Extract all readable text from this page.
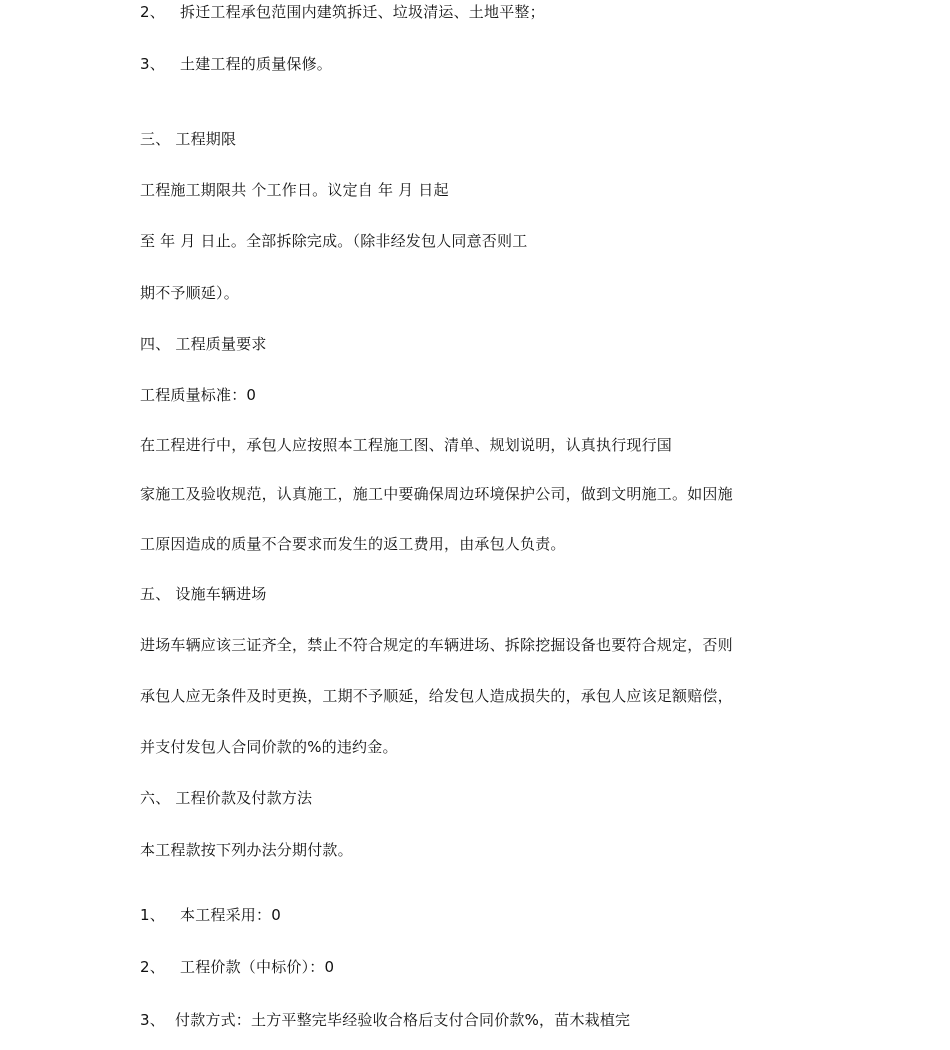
2、 拆迁工程承包范围内建筑拆迁、垃圾清运、土地平整；
3、 土建工程的质量保修。
三、 工程期限
工程施工期限共 个工作日。议定自 年 月 日起
至 年 月 日止。全部拆除完成。（除非经发包人同意否则工
期不予顺延）。
四、 工程质量要求
工程质量标准：0
在工程进行中，承包人应按照本工程施工图、清单、规划说明，认真执行现行国
家施工及验收规范，认真施工，施工中要确保周边环境保护公司，做到文明施工。如因施
工原因造成的质量不合要求而发生的返工费用，由承包人负责。
五、 设施车辆进场
进场车辆应该三证齐全，禁止不符合规定的车辆进场、拆除挖掘设备也要符合规定，否则
承包人应无条件及时更换，工期不予顺延，给发包人造成损失的，承包人应该足额赔偿，
并支付发包人合同价款的%的违约金。
六、 工程价款及付款方法
本工程款按下列办法分期付款。
1、 本工程采用：0
2、 工程价款（中标价）：0
3、 付款方式：土方平整完毕经验收合格后支付合同价款%，苗木栽植完
